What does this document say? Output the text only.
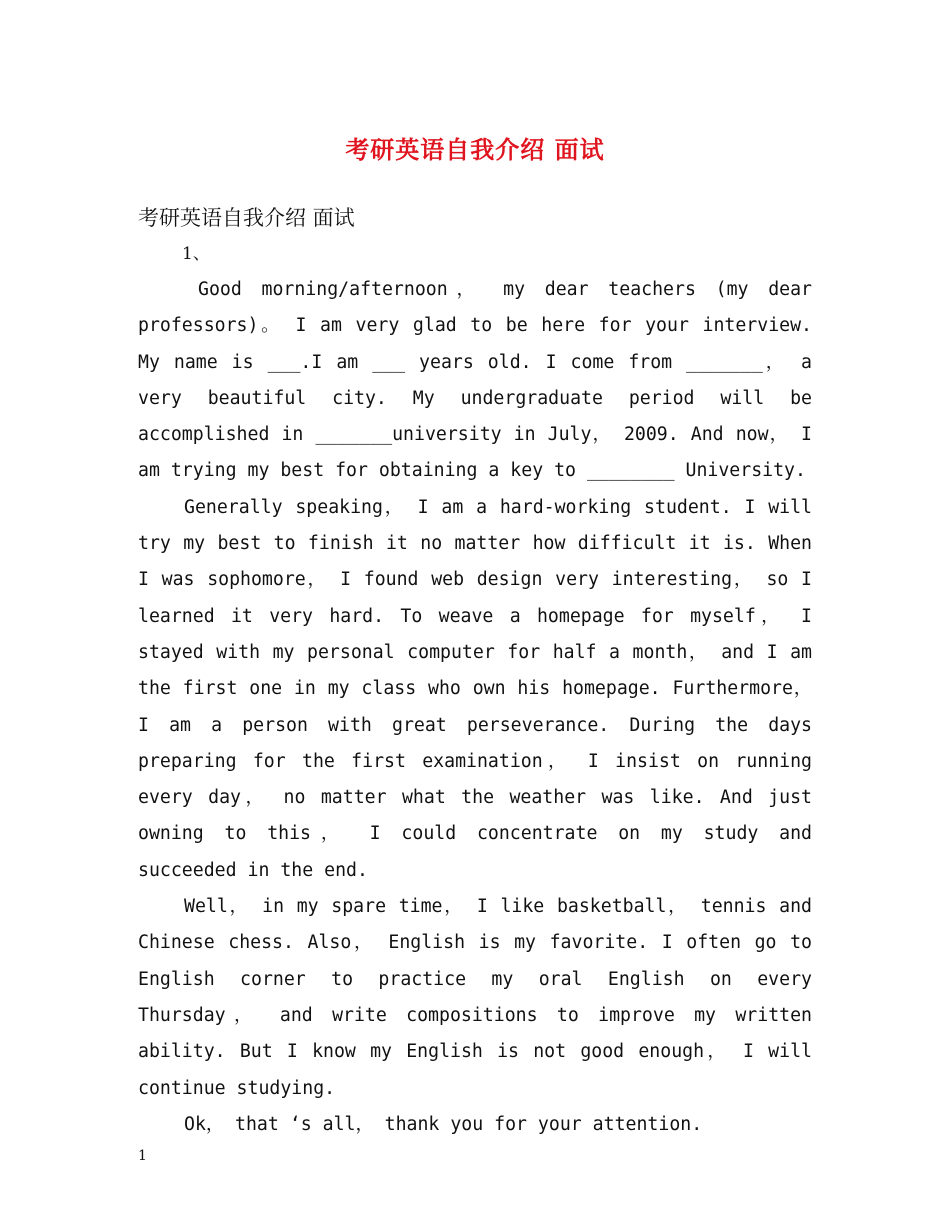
考研英语自我介绍 面试

考研英语自我介绍 面试

1、

Good morning/afternoon， my dear teachers (my dear professors)。 I am very glad to be here for your interview. My name is ___.I am ___ years old. I come from _______， a very beautiful city. My undergraduate period will be accomplished in _______university in July， 2009. And now， I am trying my best for obtaining a key to ________ University.

Generally speaking， I am a hard-working student. I will try my best to finish it no matter how difficult it is. When I was sophomore， I found web design very interesting， so I learned it very hard. To weave a homepage for myself， I stayed with my personal computer for half a month， and I am the first one in my class who own his homepage. Furthermore， I am a person with great perseverance. During the days preparing for the first examination， I insist on running every day， no matter what the weather was like. And just owning to this， I could concentrate on my study and succeeded in the end.

Well， in my spare time， I like basketball， tennis and Chinese chess. Also， English is my favorite. I often go to English corner to practice my oral English on every Thursday， and write compositions to improve my written ability. But I know my English is not good enough， I will continue studying.

Ok， that ‘s all， thank you for your attention.

1
